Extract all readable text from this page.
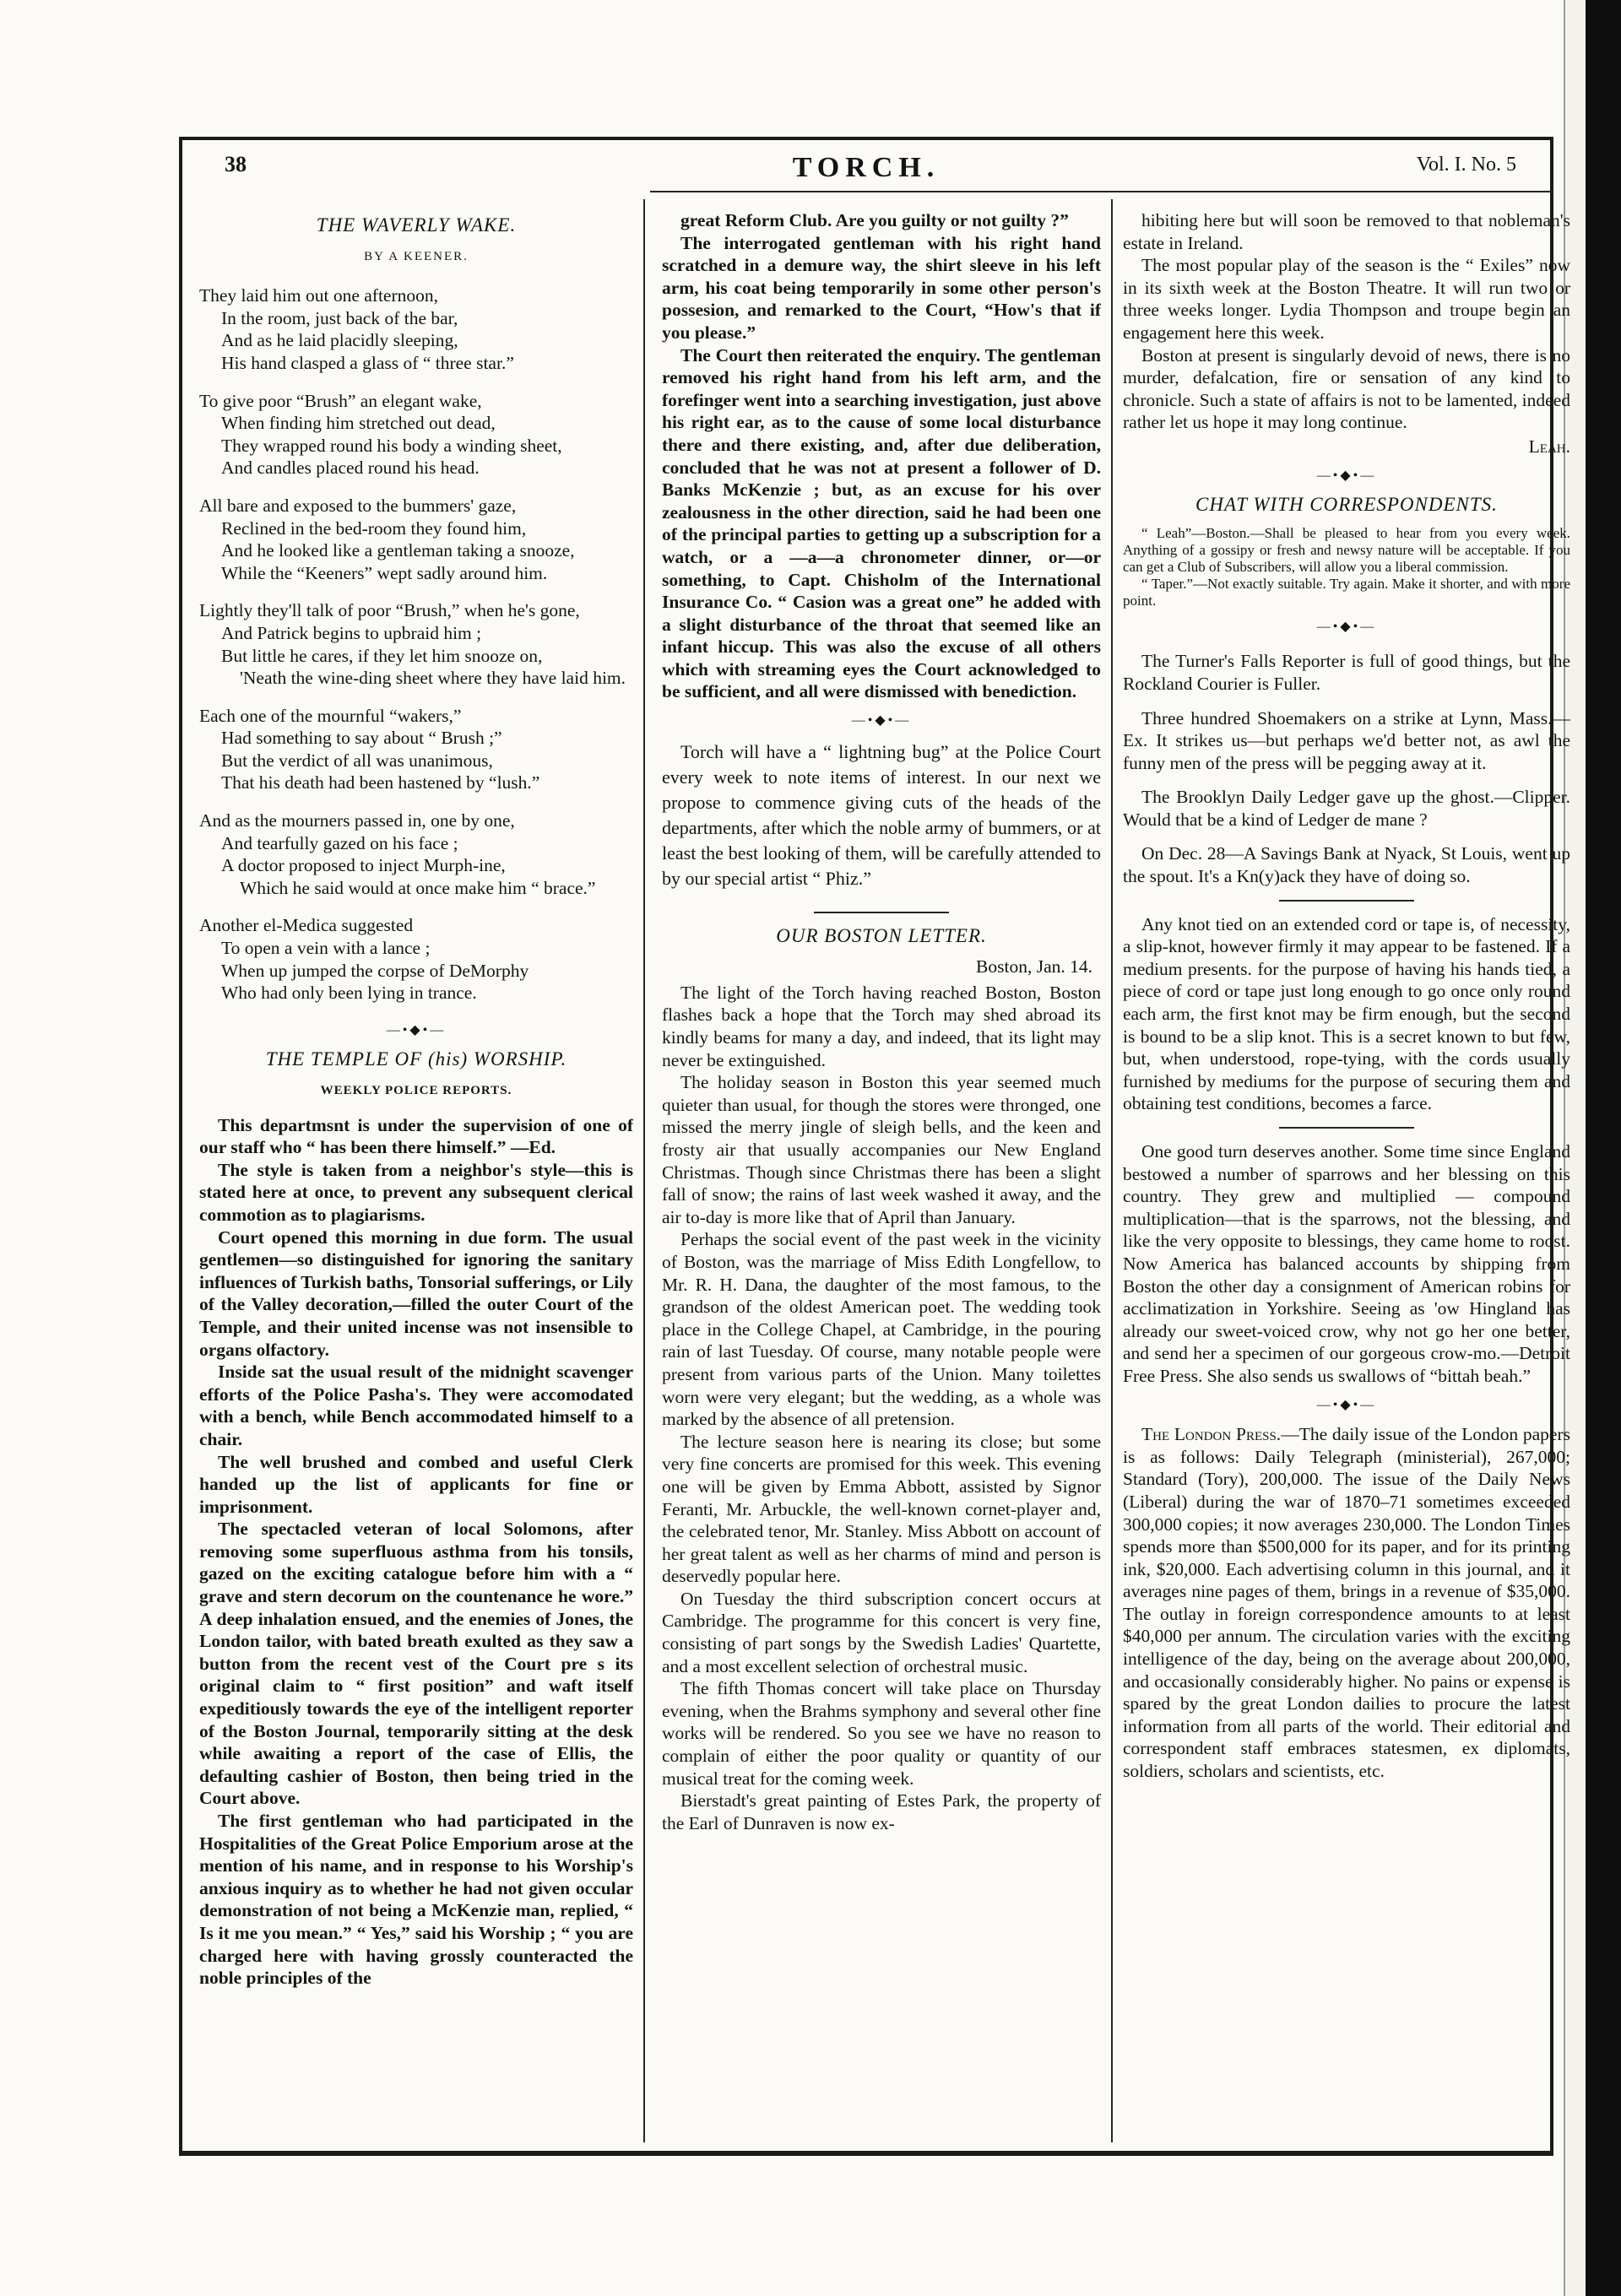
38	TORCH.	Vol. I. No. 5
THE WAVERLY WAKE.
BY A KEENER.
They laid him out one afternoon,
In the room, just back of the bar,
And as he laid placidly sleeping,
His hand clasped a glass of “ three star.”
To give poor “Brush” an elegant wake,
When finding him stretched out dead,
They wrapped round his body a winding sheet,
And candles placed round his head.
All bare and exposed to the bummers' gaze,
Reclined in the bed-room they found him,
And he looked like a gentleman taking a snooze,
While the “Keeners” wept sadly around him.
Lightly they'll talk of poor “Brush,” when he's gone,
And Patrick begins to upbraid him ;
But little he cares, if they let him snooze on,
'Neath the wine-ding sheet where they have laid him.
Each one of the mournful “wakers,”
Had something to say about “ Brush ;”
But the verdict of all was unanimous,
That his death had been hastened by “lush.”
And as the mourners passed in, one by one,
And tearfully gazed on his face ;
A doctor proposed to inject Murph-ine,
Which he said would at once make him “ brace.”
Another el-Medica suggested
To open a vein with a lance ;
When up jumped the corpse of DeMorphy
Who had only been lying in trance.
―•◆•―
THE TEMPLE OF (his) WORSHIP.
WEEKLY POLICE REPORTS.

This departmsnt is under the supervision of one of our staff who “ has been there himself.” —Ed.

The style is taken from a neighbor's style—this is stated here at once, to prevent any subsequent clerical commotion as to plagiarisms.

Court opened this morning in due form. The usual gentlemen—so distinguished for ignoring the sanitary influences of Turkish baths, Tonsorial sufferings, or Lily of the Valley decoration,—filled the outer Court of the Temple, and their united incense was not insensible to organs olfactory.

Inside sat the usual result of the midnight scavenger efforts of the Police Pasha's. They were accomodated with a bench, while Bench accommodated himself to a chair.

The well brushed and combed and useful Clerk handed up the list of applicants for fine or imprisonment.

The spectacled veteran of local Solomons, after removing some superfluous asthma from his tonsils, gazed on the exciting catalogue before him with a “ grave and stern decorum on the countenance he wore.” A deep inhalation ensued, and the enemies of Jones, the London tailor, with bated breath exulted as they saw a button from the recent vest of the Court pre s its original claim to “ first position” and waft itself expeditiously towards the eye of the intelligent reporter of the Boston Journal, temporarily sitting at the desk while awaiting a report of the case of Ellis, the defaulting cashier of Boston, then being tried in the Court above.

The first gentleman who had participated in the Hospitalities of the Great Police Emporium arose at the mention of his name, and in response to his Worship's anxious inquiry as to whether he had not given occular demonstration of not being a McKenzie man, replied, “ Is it me you mean.” “ Yes,” said his Worship ; “ you are charged here with having grossly counteracted the noble principles of the

great Reform Club. Are you guilty or not guilty ?”

The interrogated gentleman with his right hand scratched in a demure way, the shirt sleeve in his left arm, his coat being temporarily in some other person's possesion, and remarked to the Court, “How's that if you please.”

The Court then reiterated the enquiry. The gentleman removed his right hand from his left arm, and the forefinger went into a searching investigation, just above his right ear, as to the cause of some local disturbance there and there existing, and, after due deliberation, concluded that he was not at present a follower of D. Banks McKenzie ; but, as an excuse for his over zealousness in the other direction, said he had been one of the principal parties to getting up a subscription for a watch, or a —a—a chronometer dinner, or—or something, to Capt. Chisholm of the International Insurance Co. “ Casion was a great one” he added with a slight disturbance of the throat that seemed like an infant hiccup. This was also the excuse of all others which with streaming eyes the Court acknowledged to be sufficient, and all were dismissed with benediction.

―•◆•―

Torch will have a “ lightning bug” at the Police Court every week to note items of interest. In our next we propose to commence giving cuts of the heads of the departments, after which the noble army of bummers, or at least the best looking of them, will be carefully attended to by our special artist “ Phiz.”

OUR BOSTON LETTER.
Boston, Jan. 14.

The light of the Torch having reached Boston, Boston flashes back a hope that the Torch may shed abroad its kindly beams for many a day, and indeed, that its light may never be extinguished.

The holiday season in Boston this year seemed much quieter than usual, for though the stores were thronged, one missed the merry jingle of sleigh bells, and the keen and frosty air that usually accompanies our New England Christmas. Though since Christmas there has been a slight fall of snow; the rains of last week washed it away, and the air to-day is more like that of April than January.

Perhaps the social event of the past week in the vicinity of Boston, was the marriage of Miss Edith Longfellow, to Mr. R. H. Dana, the daughter of the most famous, to the grandson of the oldest American poet. The wedding took place in the College Chapel, at Cambridge, in the pouring rain of last Tuesday. Of course, many notable people were present from various parts of the Union. Many toilettes worn were very elegant; but the wedding, as a whole was marked by the absence of all pretension.

The lecture season here is nearing its close; but some very fine concerts are promised for this week. This evening one will be given by Emma Abbott, assisted by Signor Feranti, Mr. Arbuckle, the well-known cornet-player and, the celebrated tenor, Mr. Stanley. Miss Abbott on account of her great talent as well as her charms of mind and person is deservedly popular here.

On Tuesday the third subscription concert occurs at Cambridge. The programme for this concert is very fine, consisting of part songs by the Swedish Ladies' Quartette, and a most excellent selection of orchestral music.

The fifth Thomas concert will take place on Thursday evening, when the Brahms symphony and several other fine works will be rendered. So you see we have no reason to complain of either the poor quality or quantity of our musical treat for the coming week.

Bierstadt's great painting of Estes Park, the property of the Earl of Dunraven is now ex-

hibiting here but will soon be removed to that nobleman's estate in Ireland.

The most popular play of the season is the “ Exiles” now in its sixth week at the Boston Theatre. It will run two or three weeks longer. Lydia Thompson and troupe begin an engagement here this week.

Boston at present is singularly devoid of news, there is no murder, defalcation, fire or sensation of any kind to chronicle. Such a state of affairs is not to be lamented, indeed rather let us hope it may long continue.

Leah.
―•◆•―
CHAT WITH CORRESPONDENTS.

“ Leah”—Boston.—Shall be pleased to hear from you every week. Anything of a gossipy or fresh and newsy nature will be acceptable. If you can get a Club of Subscribers, will allow you a liberal commission.

“ Taper.”—Not exactly suitable. Try again. Make it shorter, and with more point.

―•◆•―

The Turner's Falls Reporter is full of good things, but the Rockland Courier is Fuller.

Three hundred Shoemakers on a strike at Lynn, Mass.—Ex. It strikes us—but perhaps we'd better not, as awl the funny men of the press will be pegging away at it.

The Brooklyn Daily Ledger gave up the ghost.—Clipper. Would that be a kind of Ledger de mane ?

On Dec. 28—A Savings Bank at Nyack, St Louis, went up the spout. It's a Kn(y)ack they have of doing so.

Any knot tied on an extended cord or tape is, of necessity, a slip-knot, however firmly it may appear to be fastened. If a medium presents. for the purpose of having his hands tied, a piece of cord or tape just long enough to go once only round each arm, the first knot may be firm enough, but the second is bound to be a slip knot. This is a secret known to but few, but, when understood, rope-tying, with the cords usually furnished by mediums for the purpose of securing them and obtaining test conditions, becomes a farce.

One good turn deserves another. Some time since England bestowed a number of sparrows and her blessing on this country. They grew and multiplied — compound multiplication—that is the sparrows, not the blessing, and like the very opposite to blessings, they came home to roost. Now America has balanced accounts by shipping from Boston the other day a consignment of American robins for acclimatization in Yorkshire. Seeing as 'ow Hingland has already our sweet-voiced crow, why not go her one better, and send her a specimen of our gorgeous crow-mo.—Detroit Free Press. She also sends us swallows of “bittah beah.”

―•◆•―

The London Press.—The daily issue of the London papers is as follows: Daily Telegraph (ministerial), 267,000; Standard (Tory), 200,000. The issue of the Daily News (Liberal) during the war of 1870–71 sometimes exceeded 300,000 copies; it now averages 230,000. The London Times spends more than $500,000 for its paper, and for its printing ink, $20,000. Each advertising column in this journal, and it averages nine pages of them, brings in a revenue of $35,000. The outlay in foreign correspondence amounts to at least $40,000 per annum. The circulation varies with the exciting intelligence of the day, being on the average about 200,000, and occasionally considerably higher. No pains or expense is spared by the great London dailies to procure the latest information from all parts of the world. Their editorial and correspondent staff embraces statesmen, ex diplomats, soldiers, scholars and scientists, etc.
